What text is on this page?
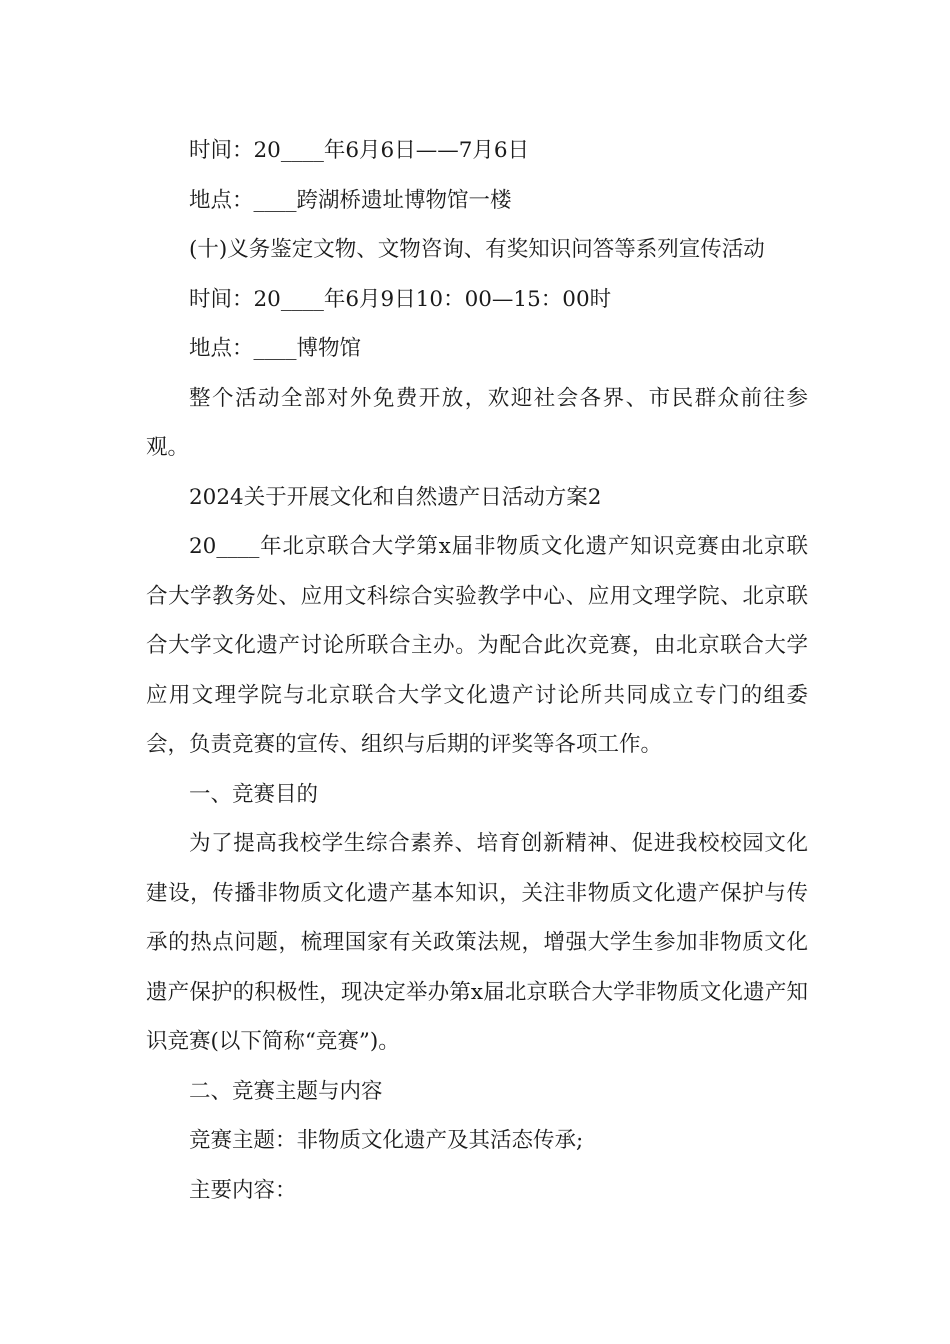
时间：20____年6月6日——7月6日

地点：____跨湖桥遗址博物馆一楼

(十)义务鉴定文物、文物咨询、有奖知识问答等系列宣传活动

时间：20____年6月9日10：00—15：00时

地点：____博物馆

整个活动全部对外免费开放，欢迎社会各界、市民群众前往参观。

2024关于开展文化和自然遗产日活动方案2

20____年北京联合大学第x届非物质文化遗产知识竞赛由北京联合大学教务处、应用文科综合实验教学中心、应用文理学院、北京联合大学文化遗产讨论所联合主办。为配合此次竞赛，由北京联合大学应用文理学院与北京联合大学文化遗产讨论所共同成立专门的组委会，负责竞赛的宣传、组织与后期的评奖等各项工作。

一、竞赛目的

为了提高我校学生综合素养、培育创新精神、促进我校校园文化建设，传播非物质文化遗产基本知识，关注非物质文化遗产保护与传承的热点问题，梳理国家有关政策法规，增强大学生参加非物质文化遗产保护的积极性，现决定举办第x届北京联合大学非物质文化遗产知识竞赛(以下简称“竞赛”)。

二、竞赛主题与内容

竞赛主题：非物质文化遗产及其活态传承;

主要内容：
